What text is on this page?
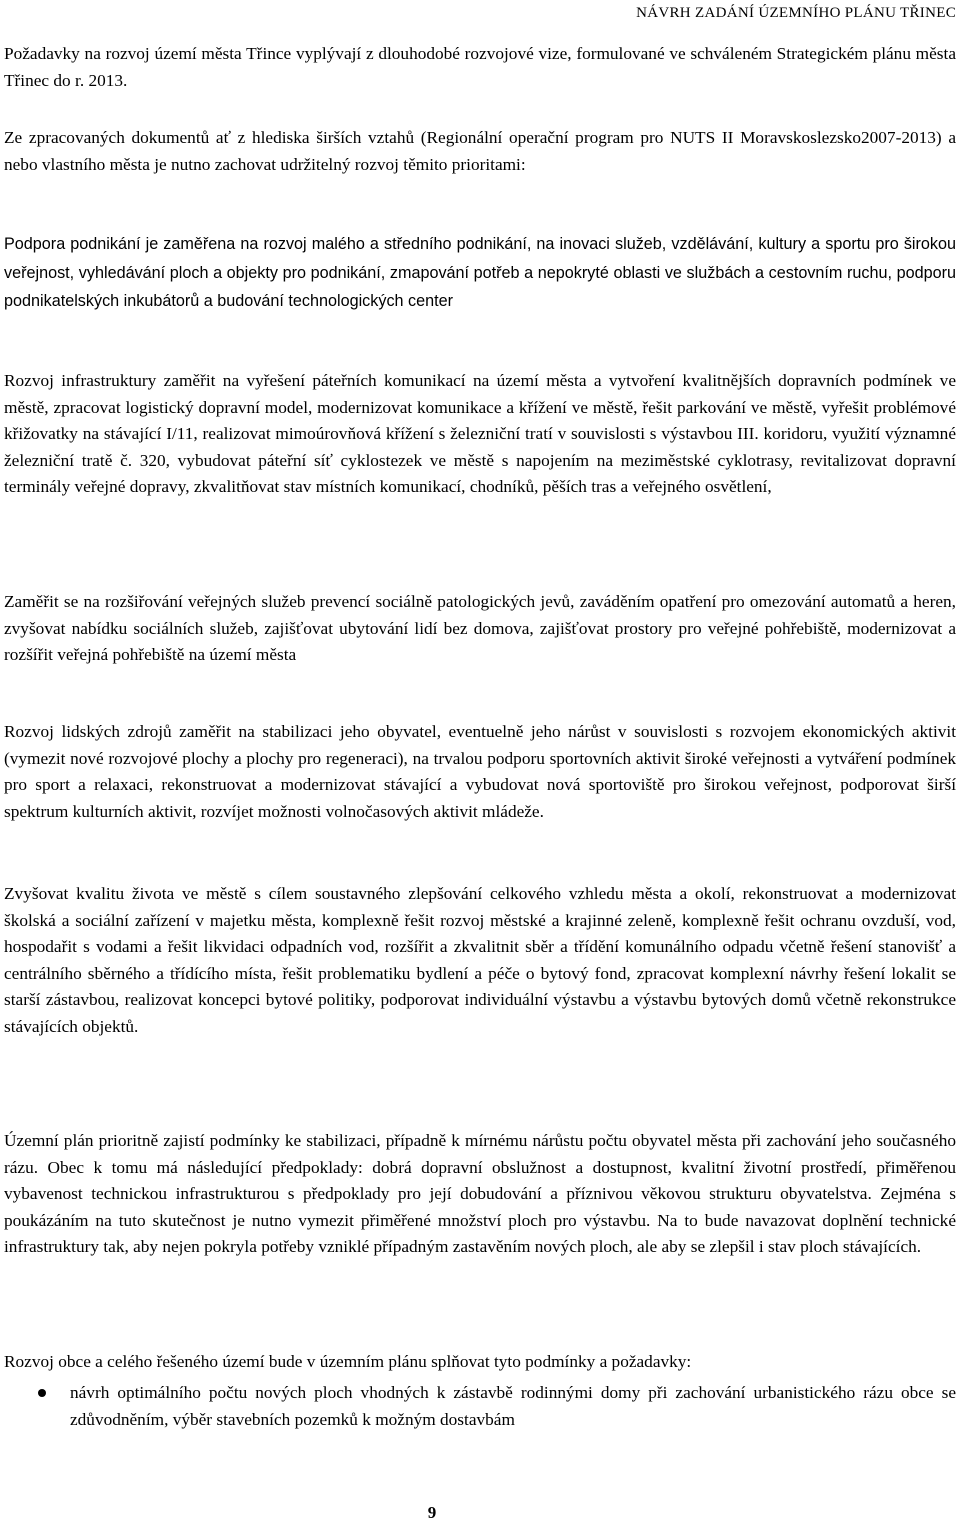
NÁVRH ZADÁNÍ ÚZEMNÍHO PLÁNU TŘINEC

Požadavky na rozvoj území města Třince vyplývají z dlouhodobé rozvojové vize, formulované ve schváleném Strategickém plánu města Třinec do r. 2013.

Ze zpracovaných dokumentů ať z hlediska širších vztahů (Regionální operační program pro NUTS II Moravskoslezsko2007-2013) a nebo vlastního města je nutno zachovat udržitelný rozvoj těmito prioritami:

Podpora podnikání je zaměřena na rozvoj malého a středního podnikání, na inovaci služeb, vzdělávání, kultury a sportu pro širokou veřejnost, vyhledávání ploch a objekty pro podnikání, zmapování potřeb a nepokryté oblasti ve službách a cestovním ruchu, podporu podnikatelských inkubátorů a budování technologických center

Rozvoj infrastruktury zaměřit na vyřešení páteřních komunikací na území města a vytvoření kvalitnějších dopravních podmínek ve městě, zpracovat logistický dopravní model, modernizovat komunikace a křížení ve městě, řešit parkování ve městě, vyřešit problémové křižovatky na stávající I/11, realizovat mimoúrovňová křížení s železniční tratí v souvislosti s výstavbou III. koridoru, využití významné železniční tratě č. 320, vybudovat páteřní síť cyklostezek ve městě s napojením na meziměstské cyklotrasy, revitalizovat dopravní terminály veřejné dopravy, zkvalitňovat stav místních komunikací, chodníků, pěších tras a veřejného osvětlení,

Zaměřit se na rozšiřování veřejných služeb prevencí sociálně patologických jevů, zaváděním opatření pro omezování automatů a heren, zvyšovat nabídku sociálních služeb, zajišťovat ubytování lidí bez domova, zajišťovat prostory pro veřejné pohřebiště, modernizovat a rozšířit veřejná pohřebiště na území města

Rozvoj lidských zdrojů zaměřit na stabilizaci jeho obyvatel, eventuelně jeho nárůst v souvislosti s rozvojem ekonomických aktivit (vymezit nové rozvojové plochy a plochy pro regeneraci), na trvalou podporu sportovních aktivit široké veřejnosti a vytváření podmínek pro sport a relaxaci, rekonstruovat a modernizovat stávající a vybudovat nová sportoviště pro širokou veřejnost, podporovat širší spektrum kulturních aktivit, rozvíjet možnosti volnočasových aktivit mládeže.

Zvyšovat kvalitu života ve městě s cílem soustavného zlepšování celkového vzhledu města a okolí, rekonstruovat a modernizovat školská a sociální zařízení v majetku města, komplexně řešit rozvoj městské a krajinné zeleně, komplexně řešit ochranu ovzduší, vod, hospodařit s vodami a řešit likvidaci odpadních vod, rozšířit a zkvalitnit sběr a třídění komunálního odpadu včetně řešení stanovišť a centrálního sběrného a třídícího místa, řešit problematiku bydlení a péče o bytový fond, zpracovat komplexní návrhy řešení lokalit se starší zástavbou, realizovat koncepci bytové politiky, podporovat individuální výstavbu a výstavbu bytových domů včetně rekonstrukce stávajících objektů.

Územní plán prioritně zajistí podmínky ke stabilizaci, případně k mírnému nárůstu počtu obyvatel města při zachování jeho současného rázu. Obec k tomu má následující předpoklady: dobrá dopravní obslužnost a dostupnost, kvalitní životní prostředí, přiměřenou vybavenost technickou infrastrukturou s předpoklady pro její dobudování a příznivou věkovou strukturu obyvatelstva. Zejména s poukázáním na tuto skutečnost je nutno vymezit přiměřené množství ploch pro výstavbu. Na to bude navazovat doplnění technické infrastruktury tak, aby nejen pokryla potřeby vzniklé případným zastavěním nových ploch, ale aby se zlepšil i stav ploch stávajících.

Rozvoj obce a celého řešeného území bude v územním plánu splňovat tyto podmínky a požadavky:

návrh optimálního počtu nových ploch vhodných k zástavbě rodinnými domy při zachování urbanistického rázu obce se zdůvodněním, výběr stavebních pozemků k možným dostavbám
9
